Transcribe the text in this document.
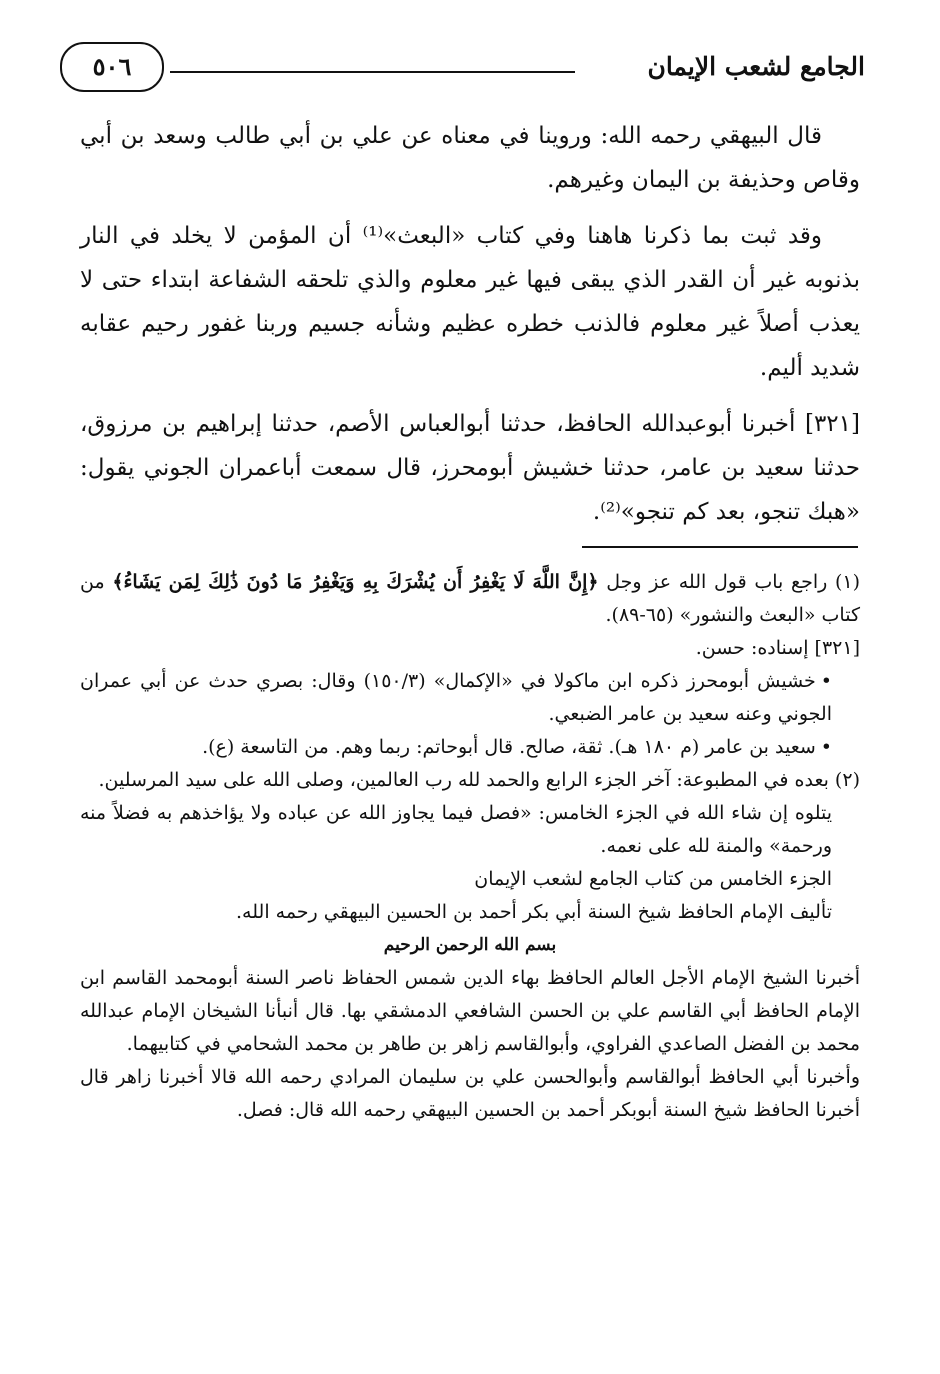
الجامع لشعب الإيمان
٥٠٦

قال البيهقي رحمه الله: وروينا في معناه عن علي بن أبي طالب وسعد بن أبي وقاص وحذيفة بن اليمان وغيرهم.

وقد ثبت بما ذكرنا هاهنا وفي كتاب «البعث»⁽¹⁾ أن المؤمن لا يخلد في النار بذنوبه غير أن القدر الذي يبقى فيها غير معلوم والذي تلحقه الشفاعة ابتداء حتى لا يعذب أصلاً غير معلوم فالذنب خطره عظيم وشأنه جسيم وربنا غفور رحيم عقابه شديد أليم.

[٣٢١] أخبرنا أبوعبدالله الحافظ، حدثنا أبوالعباس الأصم، حدثنا إبراهيم بن مرزوق، حدثنا سعيد بن عامر، حدثنا خشيش أبومحرز، قال سمعت أباعمران الجوني يقول: «هبك تنجو، بعد كم تنجو»⁽²⁾.

(١) راجع باب قول الله عز وجل ﴿إِنَّ اللَّهَ لَا يَغْفِرُ أَن يُشْرَكَ بِهِ وَيَغْفِرُ مَا دُونَ ذَٰلِكَ لِمَن يَشَاءُ﴾ من كتاب «البعث والنشور» (٦٥-٨٩).

[٣٢١] إسناده: حسن.

• خشيش أبومحرز ذكره ابن ماكولا في «الإكمال» (١٥٠/٣) وقال: بصري حدث عن أبي عمران الجوني وعنه سعيد بن عامر الضبعي.

• سعيد بن عامر (م ١٨٠ هـ). ثقة، صالح. قال أبوحاتم: ربما وهم. من التاسعة (ع).

(٢) بعده في المطبوعة: آخر الجزء الرابع والحمد لله رب العالمين، وصلى الله على سيد المرسلين.

يتلوه إن شاء الله في الجزء الخامس: «فصل فيما يجاوز الله عن عباده ولا يؤاخذهم به فضلاً منه ورحمة» والمنة لله على نعمه.

الجزء الخامس من كتاب الجامع لشعب الإيمان

تأليف الإمام الحافظ شيخ السنة أبي بكر أحمد بن الحسين البيهقي رحمه الله.

بسم الله الرحمن الرحيم

أخبرنا الشيخ الإمام الأجل العالم الحافظ بهاء الدين شمس الحفاظ ناصر السنة أبومحمد القاسم ابن الإمام الحافظ أبي القاسم علي بن الحسن الشافعي الدمشقي بها. قال أنبأنا الشيخان الإمام عبدالله محمد بن الفضل الصاعدي الفراوي، وأبوالقاسم زاهر بن طاهر بن محمد الشحامي في كتابيهما.

وأخبرنا أبي الحافظ أبوالقاسم وأبوالحسن علي بن سليمان المرادي رحمه الله قالا أخبرنا زاهر قال أخبرنا الحافظ شيخ السنة أبوبكر أحمد بن الحسين البيهقي رحمه الله قال: فصل.
